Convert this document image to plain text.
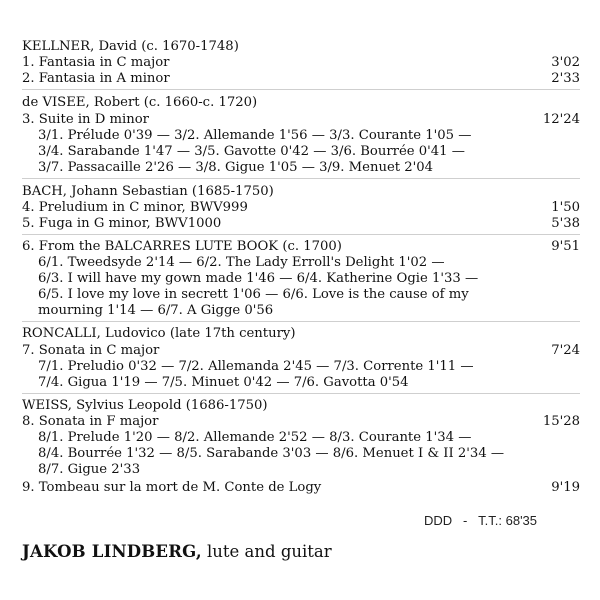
KELLNER, David (c. 1670-1748)
1. Fantasia in C major	3'02
2. Fantasia in A minor	2'33
de VISEE, Robert (c. 1660-c. 1720)
3. Suite in D minor	12'24
3/1. Prélude 0'39 — 3/2. Allemande 1'56 — 3/3. Courante 1'05 —
3/4. Sarabande 1'47 — 3/5. Gavotte 0'42 — 3/6. Bourrée 0'41 —
3/7. Passacaille 2'26 — 3/8. Gigue 1'05 — 3/9. Menuet 2'04
BACH, Johann Sebastian (1685-1750)
4. Preludium in C minor, BWV999	1'50
5. Fuga in G minor, BWV1000	5'38
6. From the BALCARRES LUTE BOOK (c. 1700)	9'51
6/1. Tweedsyde 2'14 — 6/2. The Lady Erroll's Delight 1'02 —
6/3. I will have my gown made 1'46 — 6/4. Katherine Ogie 1'33 —
6/5. I love my love in secrett 1'06 — 6/6. Love is the cause of my
mourning 1'14 — 6/7. A Gigge 0'56
RONCALLI, Ludovico (late 17th century)
7. Sonata in C major	7'24
7/1. Preludio 0'32 — 7/2. Allemanda 2'45 — 7/3. Corrente 1'11 —
7/4. Gigua 1'19 — 7/5. Minuet 0'42 — 7/6. Gavotta 0'54
WEISS, Sylvius Leopold (1686-1750)
8. Sonata in F major	15'28
8/1. Prelude 1'20 — 8/2. Allemande 2'52 — 8/3. Courante 1'34 —
8/4. Bourrée 1'32 — 8/5. Sarabande 3'03 — 8/6. Menuet I & II 2'34 —
8/7. Gigue 2'33
9. Tombeau sur la mort de M. Conte de Logy	9'19
DDD - T.T.: 68'35
JAKOB LINDBERG, lute and guitar
